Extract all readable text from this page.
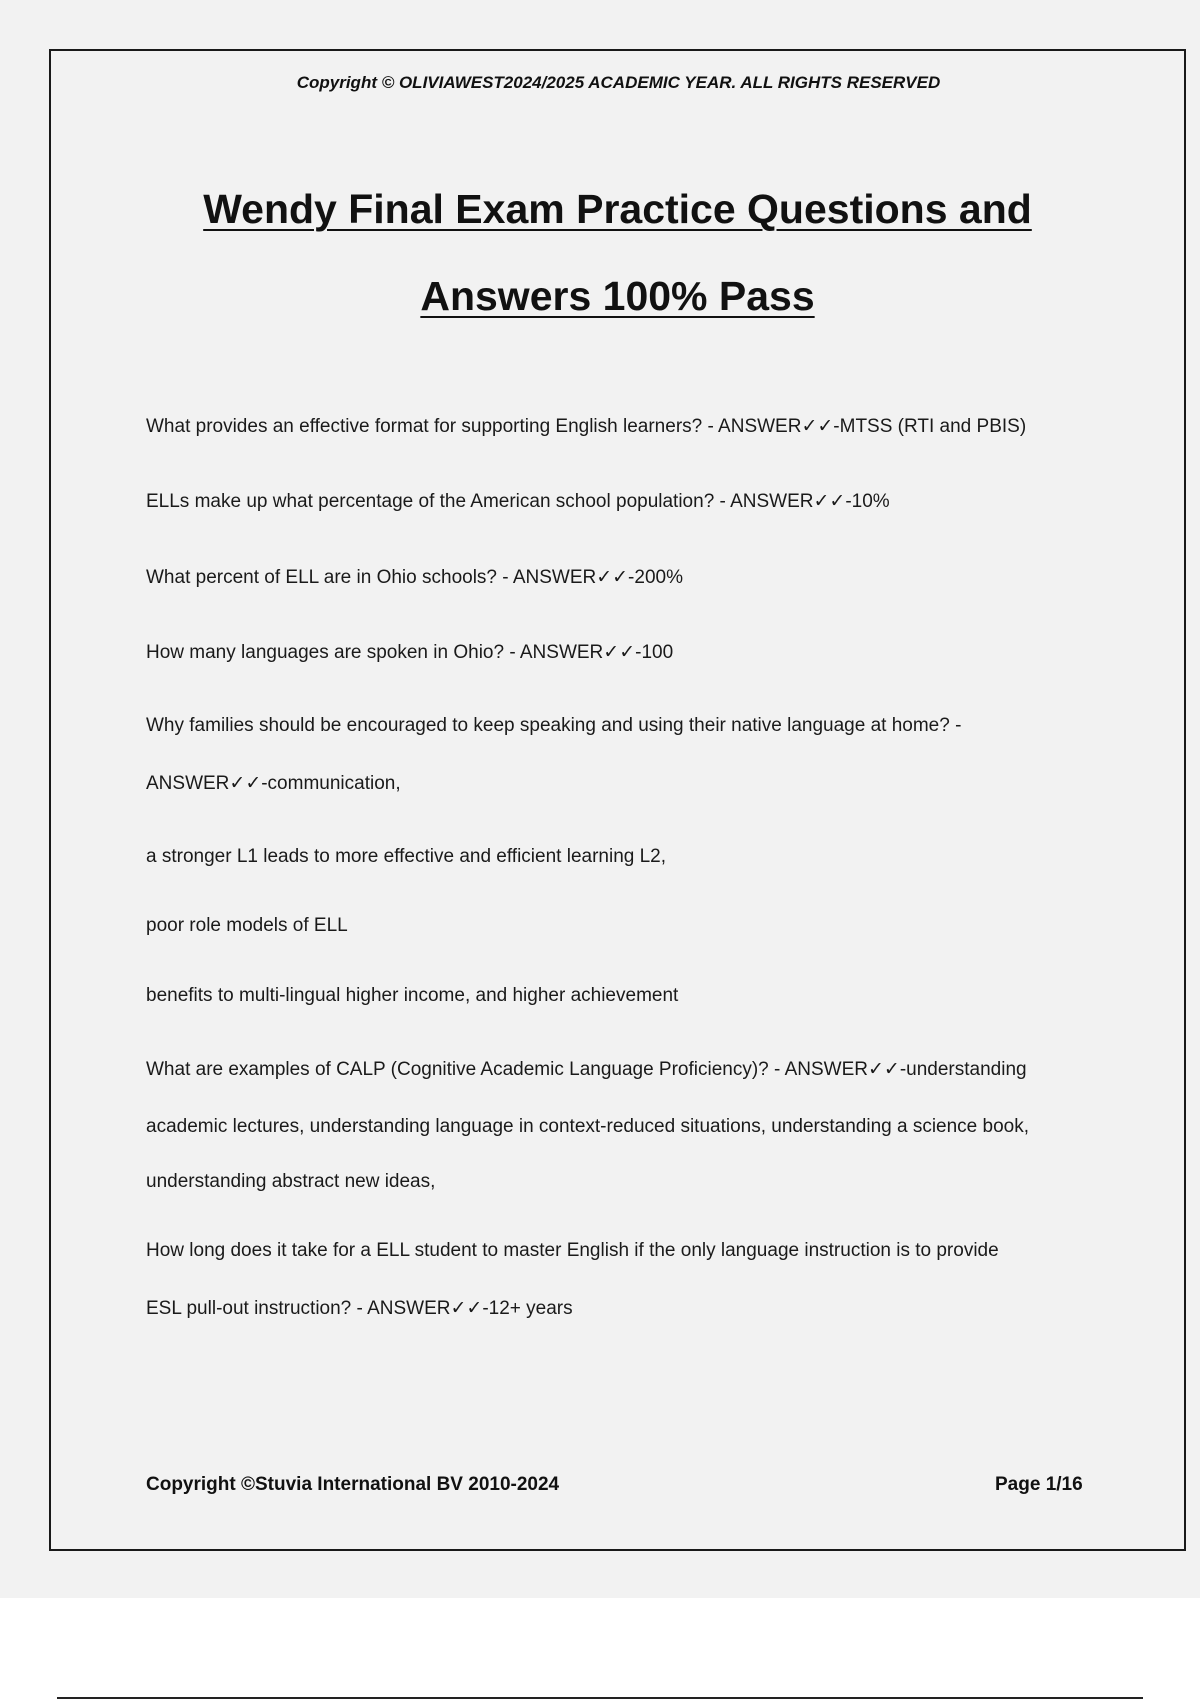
Copyright © OLIVIAWEST2024/2025 ACADEMIC YEAR. ALL RIGHTS RESERVED
Wendy Final Exam Practice Questions and
Answers 100% Pass
What provides an effective format for supporting English learners? - ANSWER✓✓-MTSS (RTI and PBIS)
ELLs make up what percentage of the American school population? - ANSWER✓✓-10%
What percent of ELL are in Ohio schools? - ANSWER✓✓-200%
How many languages are spoken in Ohio? - ANSWER✓✓-100
Why families should be encouraged to keep speaking and using their native language at home? -
ANSWER✓✓-communication,
a stronger L1 leads to more effective and efficient learning L2,
poor role models of ELL
benefits to multi-lingual higher income, and higher achievement
What are examples of CALP (Cognitive Academic Language Proficiency)? - ANSWER✓✓-understanding
academic lectures, understanding language in context-reduced situations, understanding a science book,
understanding abstract new ideas,
How long does it take for a ELL student to master English if the only language instruction is to provide
ESL pull-out instruction? - ANSWER✓✓-12+ years
Copyright ©Stuvia International BV 2010-2024	Page 1/16
